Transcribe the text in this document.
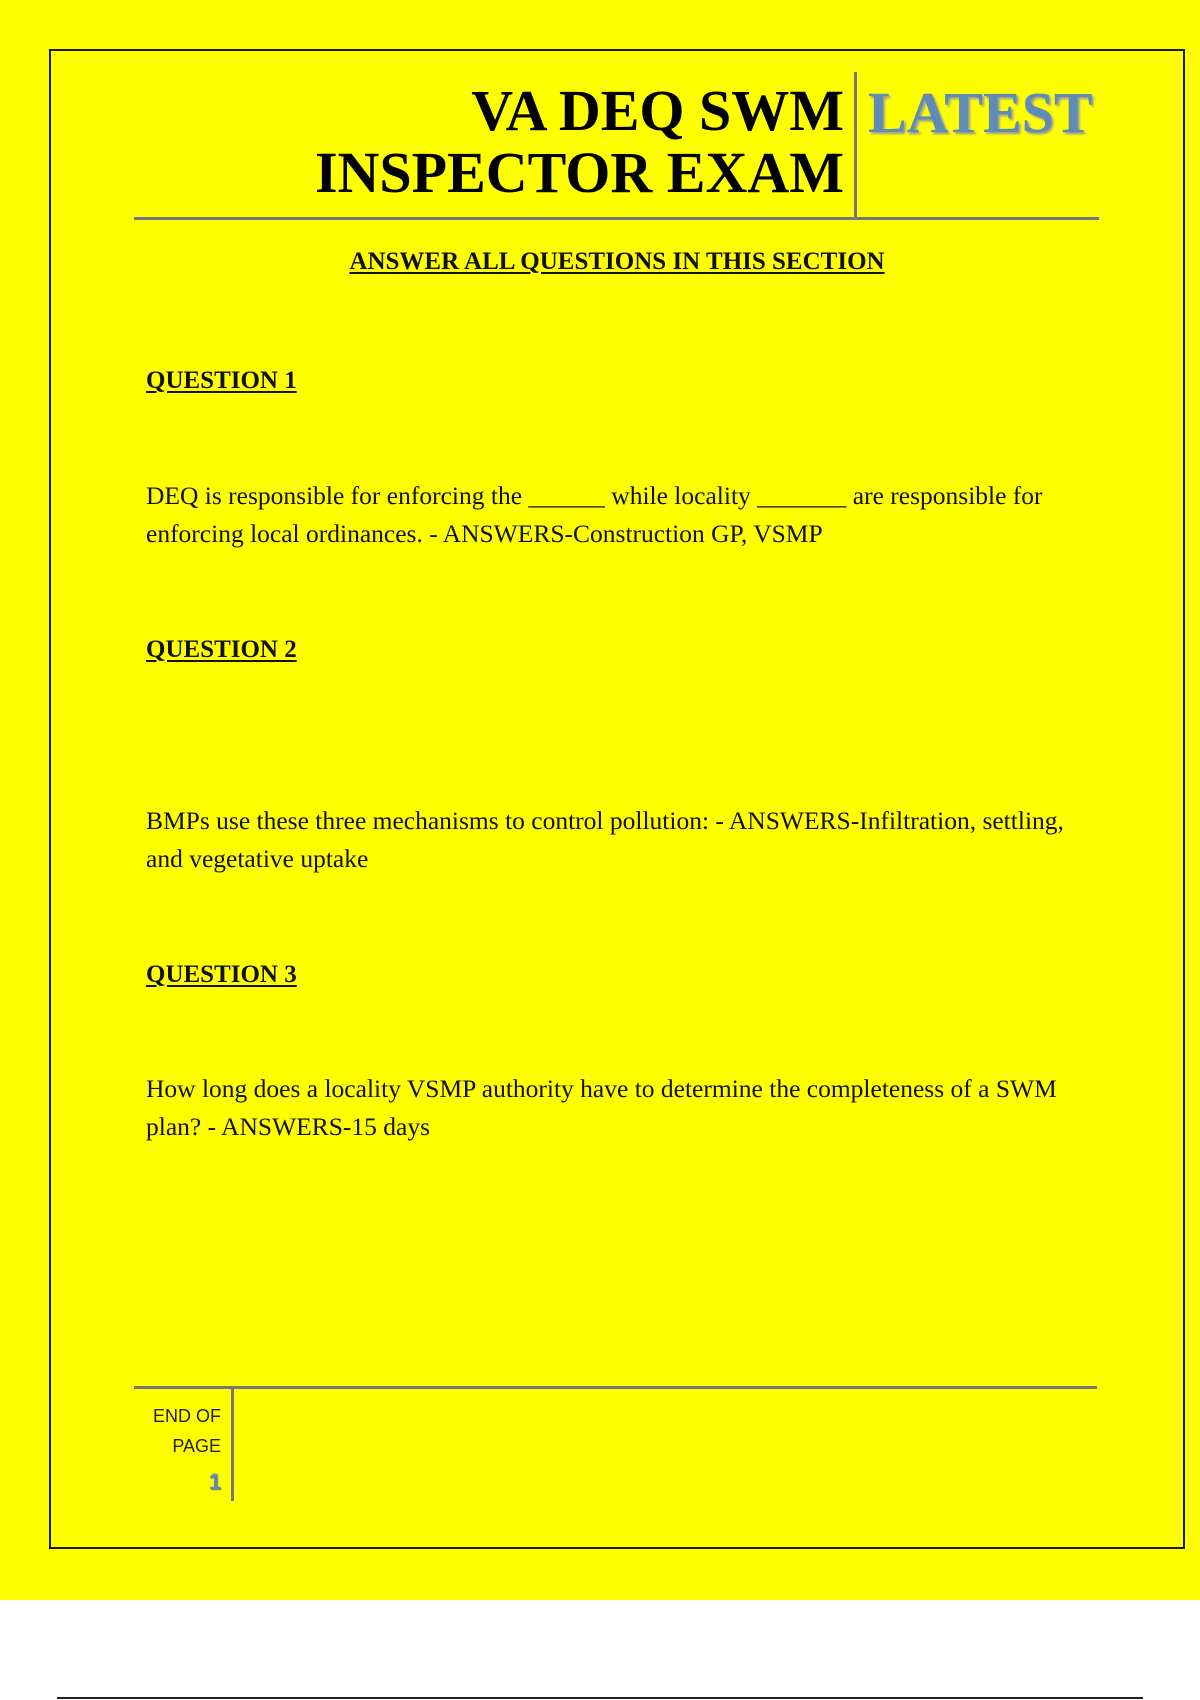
VA DEQ SWM
INSPECTOR EXAM
LATEST
ANSWER ALL QUESTIONS IN THIS SECTION
QUESTION 1
DEQ is responsible for enforcing the ______ while locality _______ are responsible for enforcing local ordinances. - ANSWERS-Construction GP, VSMP
QUESTION 2
BMPs use these three mechanisms to control pollution: - ANSWERS-Infiltration, settling, and vegetative uptake
QUESTION 3
How long does a locality VSMP authority have to determine the completeness of a SWM plan? - ANSWERS-15 days
END OF
PAGE
1
